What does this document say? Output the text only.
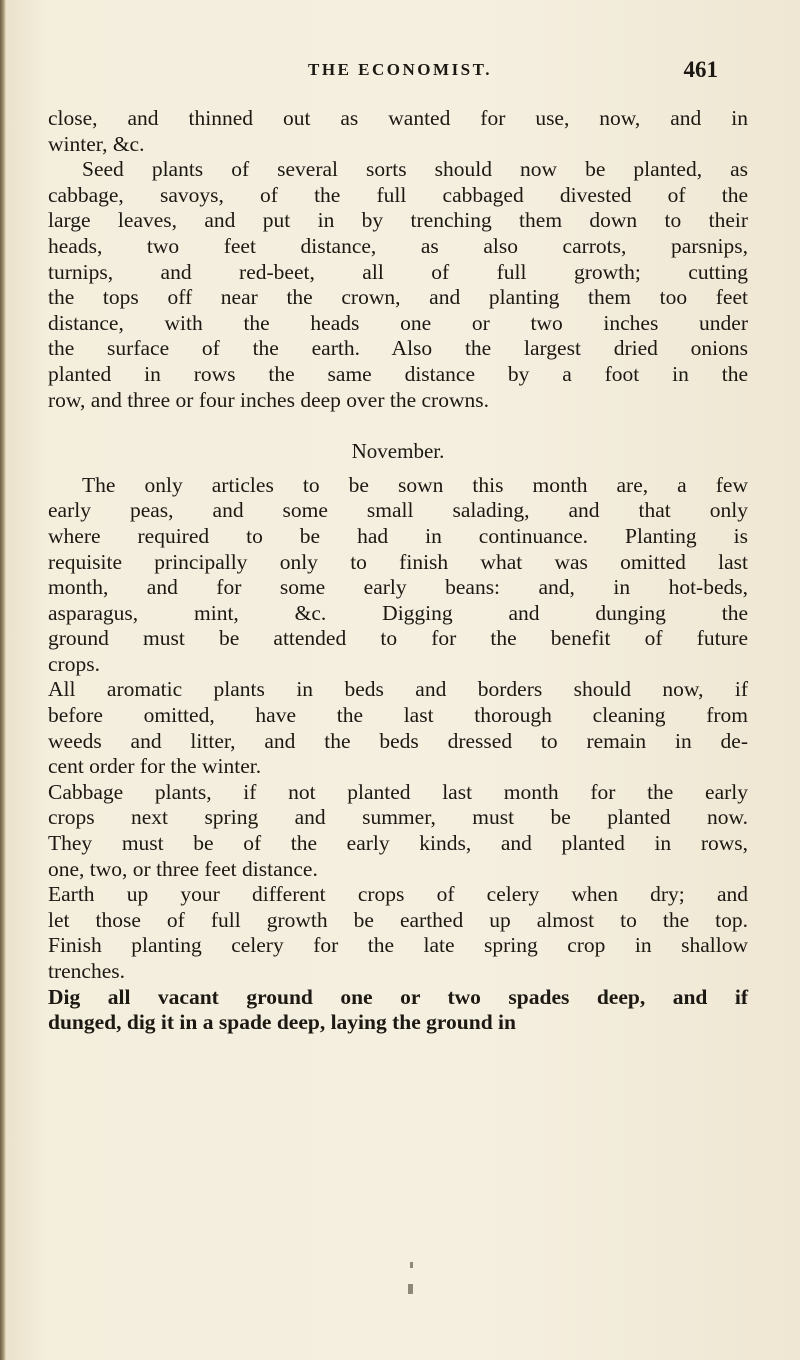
THE ECONOMIST.	461
close, and thinned out as wanted for use, now, and in
winter, &c.
Seed plants of several sorts should now be planted, as
cabbage, savoys, of the full cabbaged divested of the
large leaves, and put in by trenching them down to their
heads, two feet distance, as also carrots, parsnips,
turnips, and red-beet, all of full growth; cutting
the tops off near the crown, and planting them too feet
distance, with the heads one or two inches under
the surface of the earth. Also the largest dried onions
planted in rows the same distance by a foot in the
row, and three or four inches deep over the crowns.
November.
The only articles to be sown this month are, a few
early peas, and some small salading, and that only
where required to be had in continuance. Planting is
requisite principally only to finish what was omitted last
month, and for some early beans: and, in hot-beds,
asparagus, mint, &c. Digging and dunging the
ground must be attended to for the benefit of future
crops.
All aromatic plants in beds and borders should now, if
before omitted, have the last thorough cleaning from
weeds and litter, and the beds dressed to remain in de-
cent order for the winter.
Cabbage plants, if not planted last month for the early
crops next spring and summer, must be planted now.
They must be of the early kinds, and planted in rows,
one, two, or three feet distance.
Earth up your different crops of celery when dry; and
let those of full growth be earthed up almost to the top.
Finish planting celery for the late spring crop in shallow
trenches.
Dig all vacant ground one or two spades deep, and if
dunged, dig it in a spade deep, laying the ground in
